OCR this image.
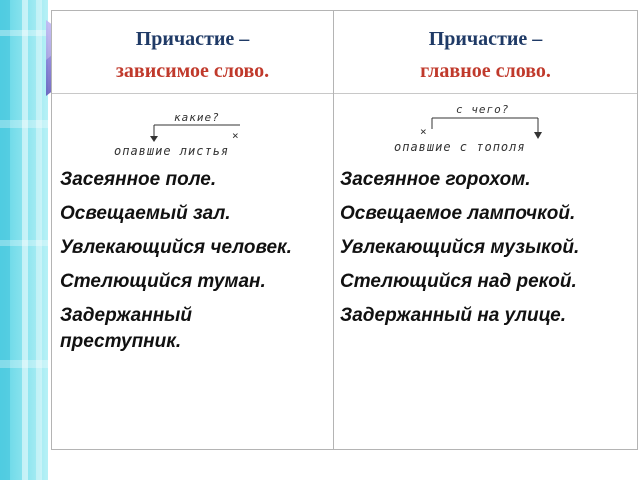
Причастие –
зависимое слово.
Причастие –
главное слово.
какие?
×
опавшие листья
с чего?
×
опавшие с тополя
Засеянное поле.
Освещаемый зал.
Увлекающийся человек.
Стелющийся туман.
Задержанный
преступник.
Засеянное горохом.
Освещаемое лампочкой.
Увлекающийся музыкой.
Стелющийся над рекой.
Задержанный на улице.
